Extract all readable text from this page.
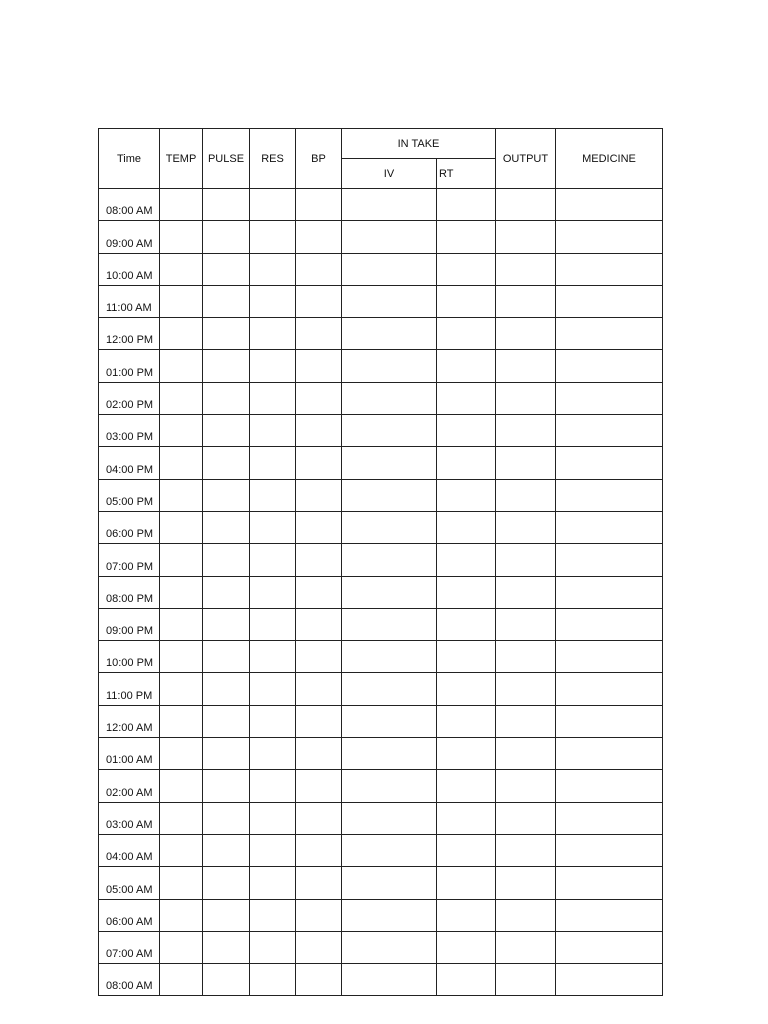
Time	TEMP	PULSE	RES	BP	IN TAKE		OUTPUT	MEDICINE
					IV	RT		
08:00 AM								
09:00 AM								
10:00 AM								
11:00 AM								
12:00 PM								
01:00 PM								
02:00 PM								
03:00 PM								
04:00 PM								
05:00 PM								
06:00 PM								
07:00 PM								
08:00 PM								
09:00 PM								
10:00 PM								
11:00 PM								
12:00 AM								
01:00 AM								
02:00 AM								
03:00 AM								
04:00 AM								
05:00 AM								
06:00 AM								
07:00 AM								
08:00 AM								
